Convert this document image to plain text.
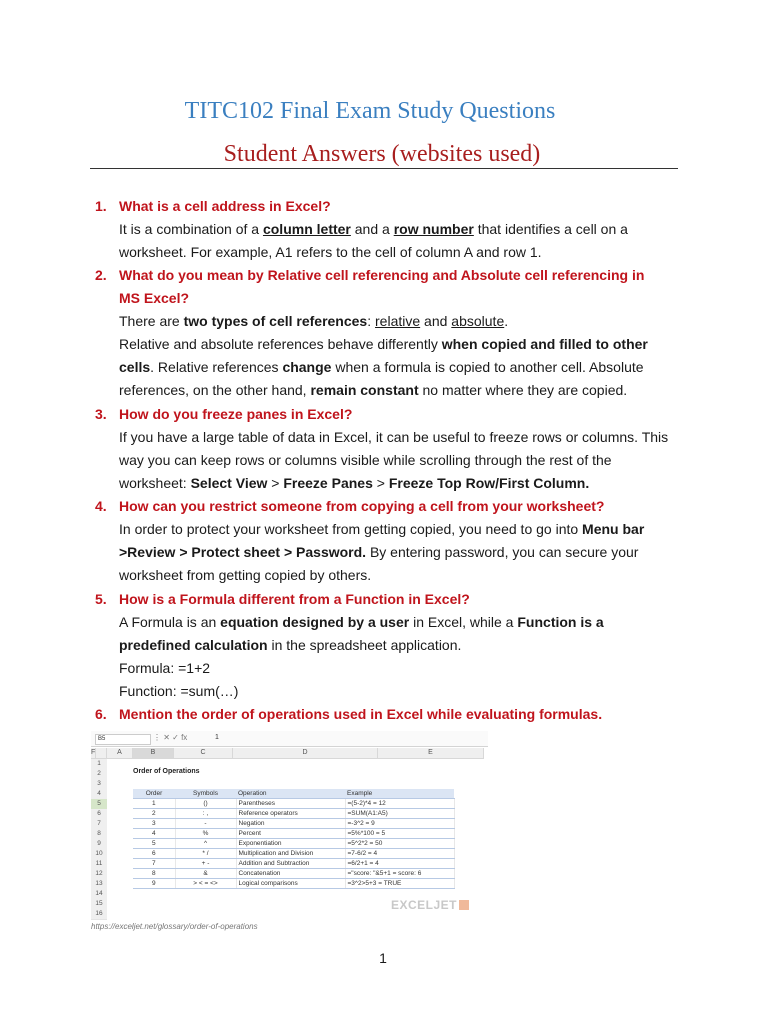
TITC102 Final Exam Study Questions
Student Answers (websites used)
1. What is a cell address in Excel?
It is a combination of a column letter and a row number that identifies a cell on a worksheet. For example, A1 refers to the cell of column A and row 1.
2. What do you mean by Relative cell referencing and Absolute cell referencing in MS Excel?
There are two types of cell references: relative and absolute.
Relative and absolute references behave differently when copied and filled to other cells. Relative references change when a formula is copied to another cell. Absolute references, on the other hand, remain constant no matter where they are copied.
3. How do you freeze panes in Excel?
If you have a large table of data in Excel, it can be useful to freeze rows or columns. This way you can keep rows or columns visible while scrolling through the rest of the worksheet: Select View > Freeze Panes > Freeze Top Row/First Column.
4. How can you restrict someone from copying a cell from your worksheet?
In order to protect your worksheet from getting copied, you need to go into Menu bar >Review > Protect sheet > Password. By entering password, you can secure your worksheet from getting copied by others.
5. How is a Formula different from a Function in Excel?
A Formula is an equation designed by a user in Excel, while a Function is a predefined calculation in the spreadsheet application.
Formula: =1+2
Function: =sum(…)
6. Mention the order of operations used in Excel while evaluating formulas.
B5	⋮ ✕ ✓ fx	1
A	B	C	D	E
F
1
2
3
4
5
6
7
8
9
10
11
12
13
14
15
16
Order of Operations
Order	Symbols	Operation	Example
1	()	Parentheses	=(5-2)*4 = 12
2	: ,	Reference operators	=SUM(A1:A5)
3	-	Negation	=-3^2 = 9
4	%	Percent	=5%*100 = 5
5	^	Exponentiation	=5^2*2 = 50
6	* /	Multiplication and Division	=7-6/2 = 4
7	+ -	Addition and Subtraction	=6/2+1 = 4
8	&	Concatenation	="score: "&5+1 = score: 6
9	> < = <>	Logical comparisons	=3^2>5+3 = TRUE
EXCELJET
https://exceljet.net/glossary/order-of-operations
1
